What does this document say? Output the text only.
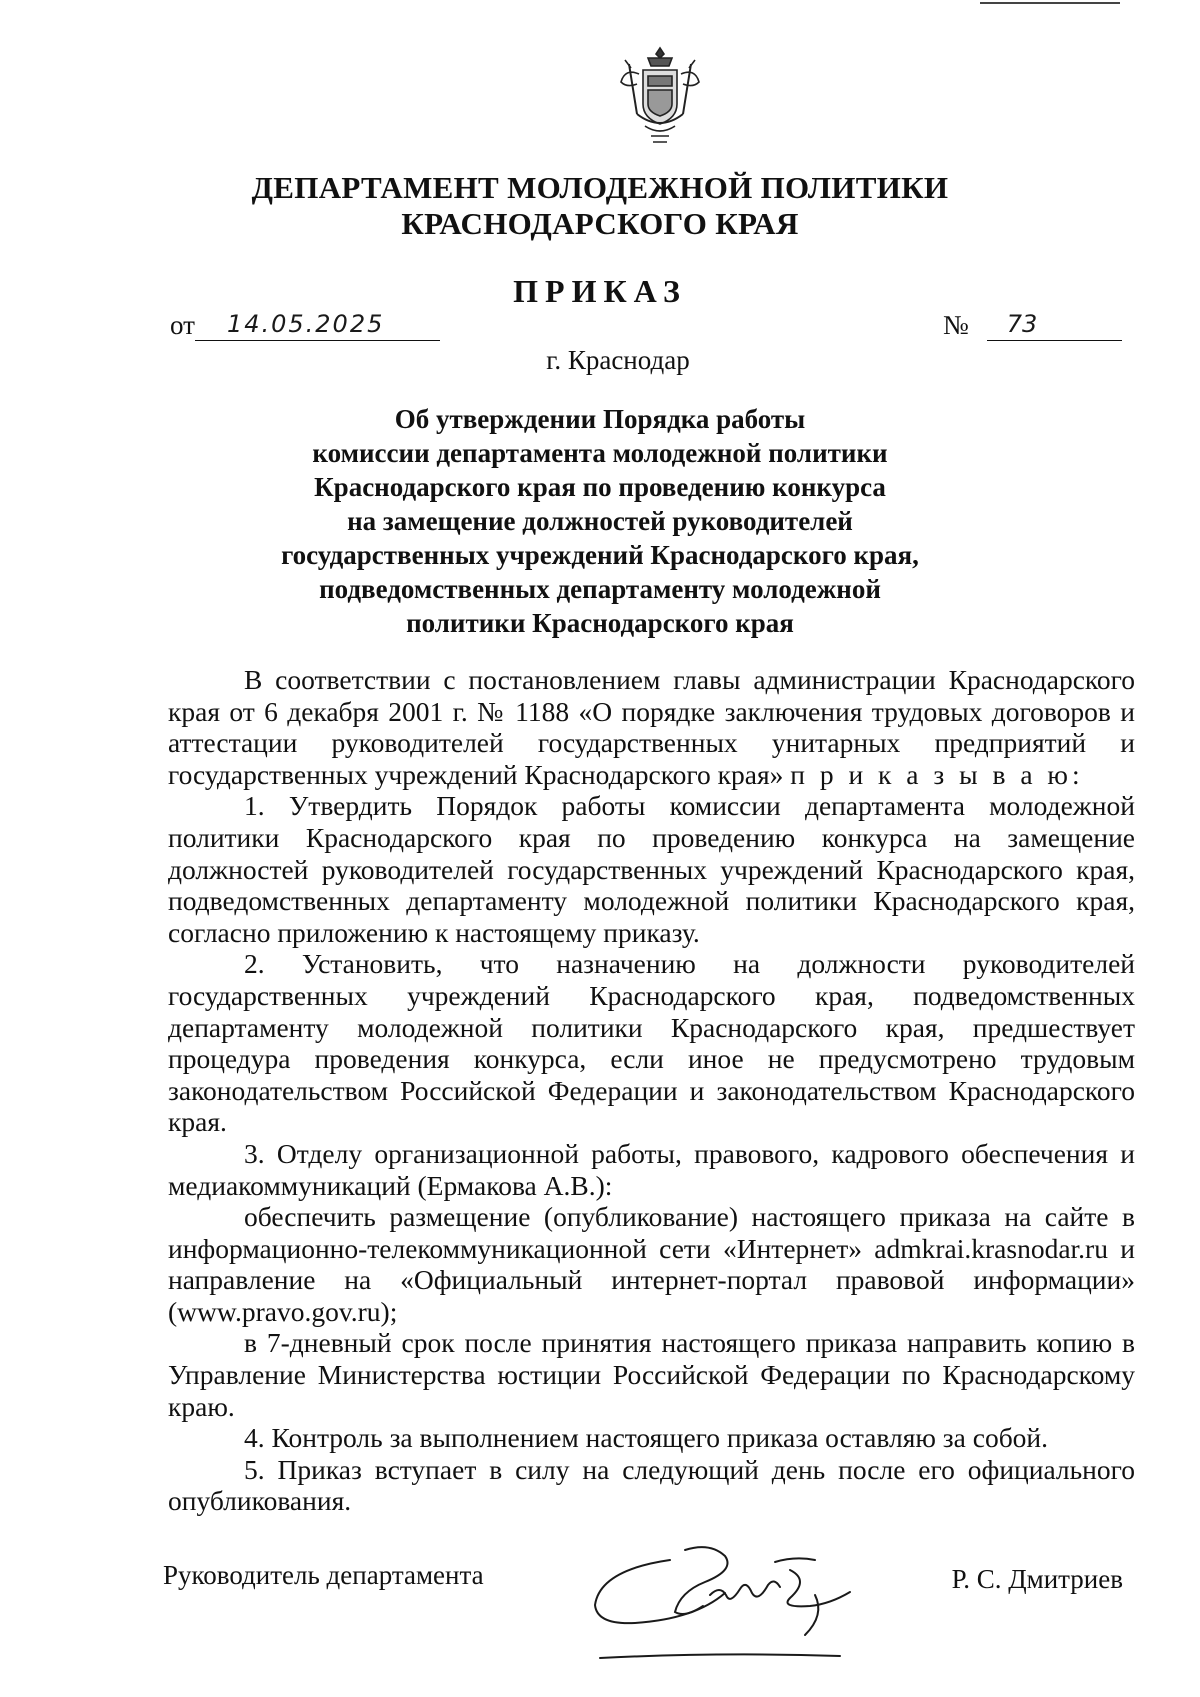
ДЕПАРТАМЕНТ МОЛОДЕЖНОЙ ПОЛИТИКИ
КРАСНОДАРСКОГО КРАЯ
ПРИКАЗ
от 14.05.2025	№ 73
г. Краснодар
Об утверждении Порядка работы
комиссии департамента молодежной политики
Краснодарского края по проведению конкурса
на замещение должностей руководителей
государственных учреждений Краснодарского края,
подведомственных департаменту молодежной
политики Краснодарского края

В соответствии с постановлением главы администрации Краснодарского края от 6 декабря 2001 г. № 1188 «О порядке заключения трудовых договоров и аттестации руководителей государственных унитарных предприятий и государственных учреждений Краснодарского края» п р и к а з ы в а ю:

1. Утвердить Порядок работы комиссии департамента молодежной политики Краснодарского края по проведению конкурса на замещение должностей руководителей государственных учреждений Краснодарского края, подведомственных департаменту молодежной политики Краснодарского края, согласно приложению к настоящему приказу.

2. Установить, что назначению на должности руководителей государственных учреждений Краснодарского края, подведомственных департаменту молодежной политики Краснодарского края, предшествует процедура проведения конкурса, если иное не предусмотрено трудовым законодательством Российской Федерации и законодательством Краснодарского края.

3. Отделу организационной работы, правового, кадрового обеспечения и медиакоммуникаций (Ермакова А.В.):

обеспечить размещение (опубликование) настоящего приказа на сайте в информационно-телекоммуникационной сети «Интернет» admkrai.krasnodar.ru и направление на «Официальный интернет-портал правовой информации» (www.pravo.gov.ru);

в 7-дневный срок после принятия настоящего приказа направить копию в Управление Министерства юстиции Российской Федерации по Краснодарскому краю.

4. Контроль за выполнением настоящего приказа оставляю за собой.

5. Приказ вступает в силу на следующий день после его официального опубликования.

Руководитель департамента	Р. С. Дмитриев
